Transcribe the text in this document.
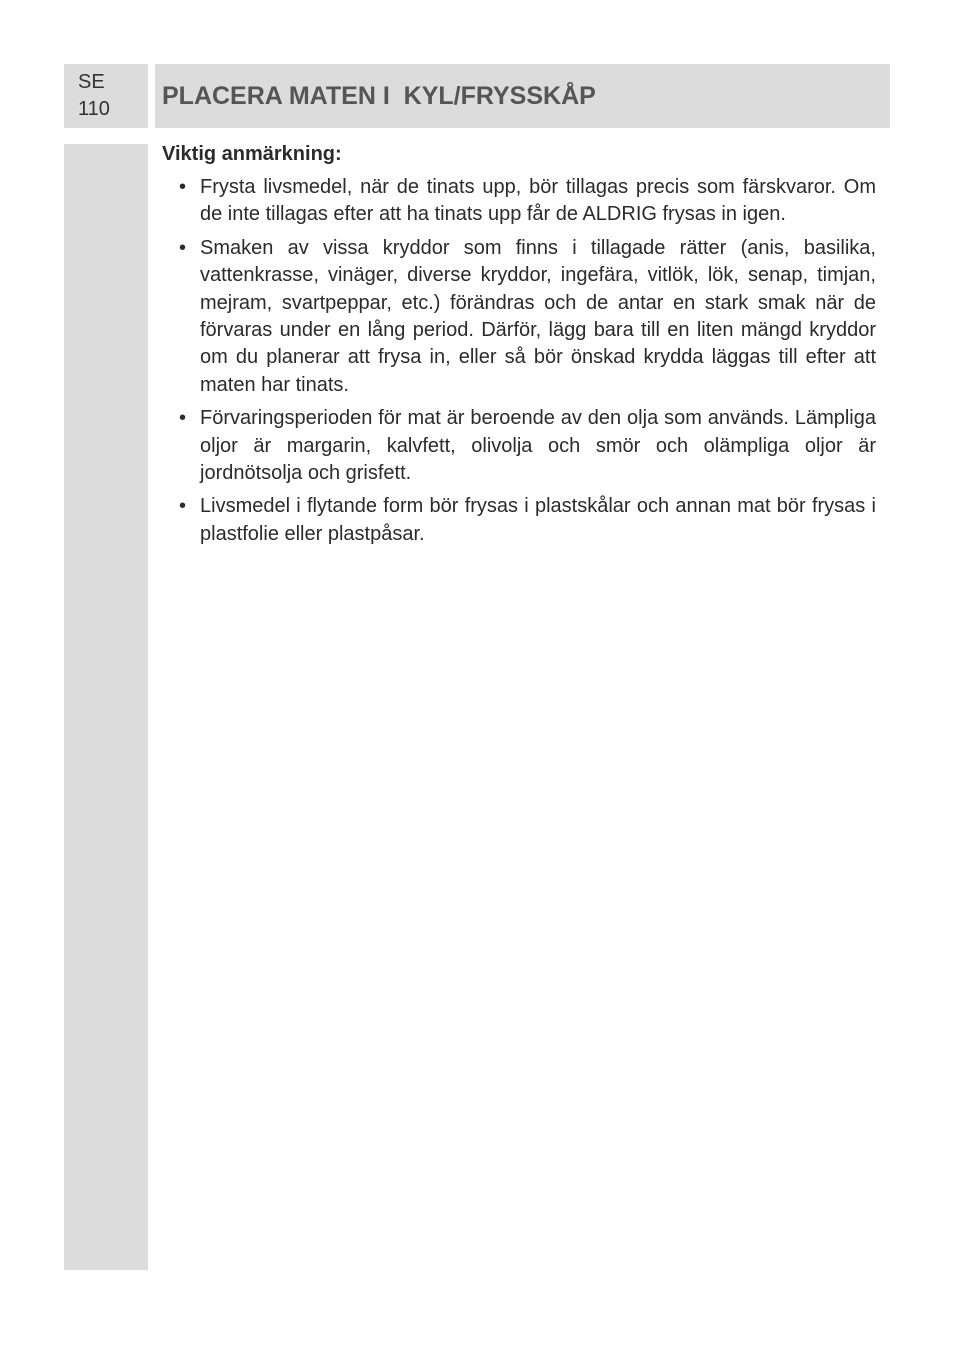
SE
110 PLACERA MATEN I  KYL/FRYSSKÅP
Viktig anmärkning:
• Frysta livsmedel, när de tinats upp, bör tillagas precis som färskvaror. Om de inte tillagas efter att ha tinats upp får de ALDRIG frysas in igen.
• Smaken av vissa kryddor som finns i tillagade rätter (anis, basilika, vattenkrasse, vinäger, diverse kryddor, ingefära, vitlök, lök, senap, timjan, mejram, svartpeppar, etc.) förändras och de antar en stark smak när de förvaras under en lång period. Därför, lägg bara till en liten mängd kryddor om du planerar att frysa in, eller så bör önskad krydda läggas till efter att maten har tinats.
• Förvaringsperioden för mat är beroende av den olja som används. Lämpliga oljor är margarin, kalvfett, olivolja och smör och olämpliga oljor är jordnötsolja och grisfett.
• Livsmedel i flytande form bör frysas i plastskålar och annan mat bör frysas i plastfolie eller plastpåsar.
